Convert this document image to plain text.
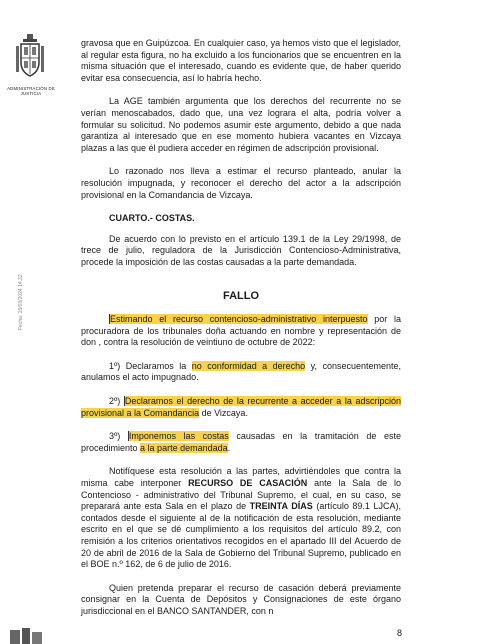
ADMINISTRACIÓN DE JUSTICIA
Fecha: 15/03/2024 14:32

gravosa que en Guipúzcoa. En cualquier caso, ya hemos visto que el legislador, al regular esta figura, no ha excluido a los funcionarios que se encuentren en la misma situación que el interesado, cuando es evidente que, de haber querido evitar esa consecuencia, así lo habría hecho.

La AGE también argumenta que los derechos del recurrente no se verían menoscabados, dado que, una vez lograra el alta, podría volver a formular su solicitud. No podemos asumir este argumento, debido a que nada garantiza al interesado que en ese momento hubiera vacantes en Vizcaya plazas a las que él pudiera acceder en régimen de adscripción provisional.

Lo razonado nos lleva a estimar el recurso planteado, anular la resolución impugnada, y reconocer el derecho del actor a la adscripción provisional en la Comandancia de Vizcaya.

CUARTO.- COSTAS.

De acuerdo con lo previsto en el artículo 139.1 de la Ley 29/1998, de trece de julio, reguladora de la Jurisdicción Contencioso-Administrativa, procede la imposición de las costas causadas a la parte demandada.

FALLO

Estimando el recurso contencioso-administrativo interpuesto por la procuradora de los tribunales doña actuando en nombre y representación de don , contra la resolución de veintiuno de octubre de 2022:

1º) Declaramos la no conformidad a derecho y, consecuentemente, anulamos el acto impugnado.

2º) Declaramos el derecho de la recurrente a acceder a la adscripción provisional a la Comandancia de Vizcaya.

3º) Imponemos las costas causadas en la tramitación de este procedimiento a la parte demandada.

Notifíquese esta resolución a las partes, advirtiéndoles que contra la misma cabe interponer RECURSO DE CASACIÓN ante la Sala de lo Contencioso - administrativo del Tribunal Supremo, el cual, en su caso, se preparará ante esta Sala en el plazo de TREINTA DÍAS (artículo 89.1 LJCA), contados desde el siguiente al de la notificación de esta resolución, mediante escrito en el que se dé cumplimiento a los requisitos del artículo 89.2, con remisión a los criterios orientativos recogidos en el apartado III del Acuerdo de 20 de abril de 2016 de la Sala de Gobierno del Tribunal Supremo, publicado en el BOE n.º 162, de 6 de julio de 2016.

Quien pretenda preparar el recurso de casación deberá previamente consignar en la Cuenta de Depósitos y Consignaciones de este órgano jurisdiccional en el BANCO SANTANDER, con n

8
